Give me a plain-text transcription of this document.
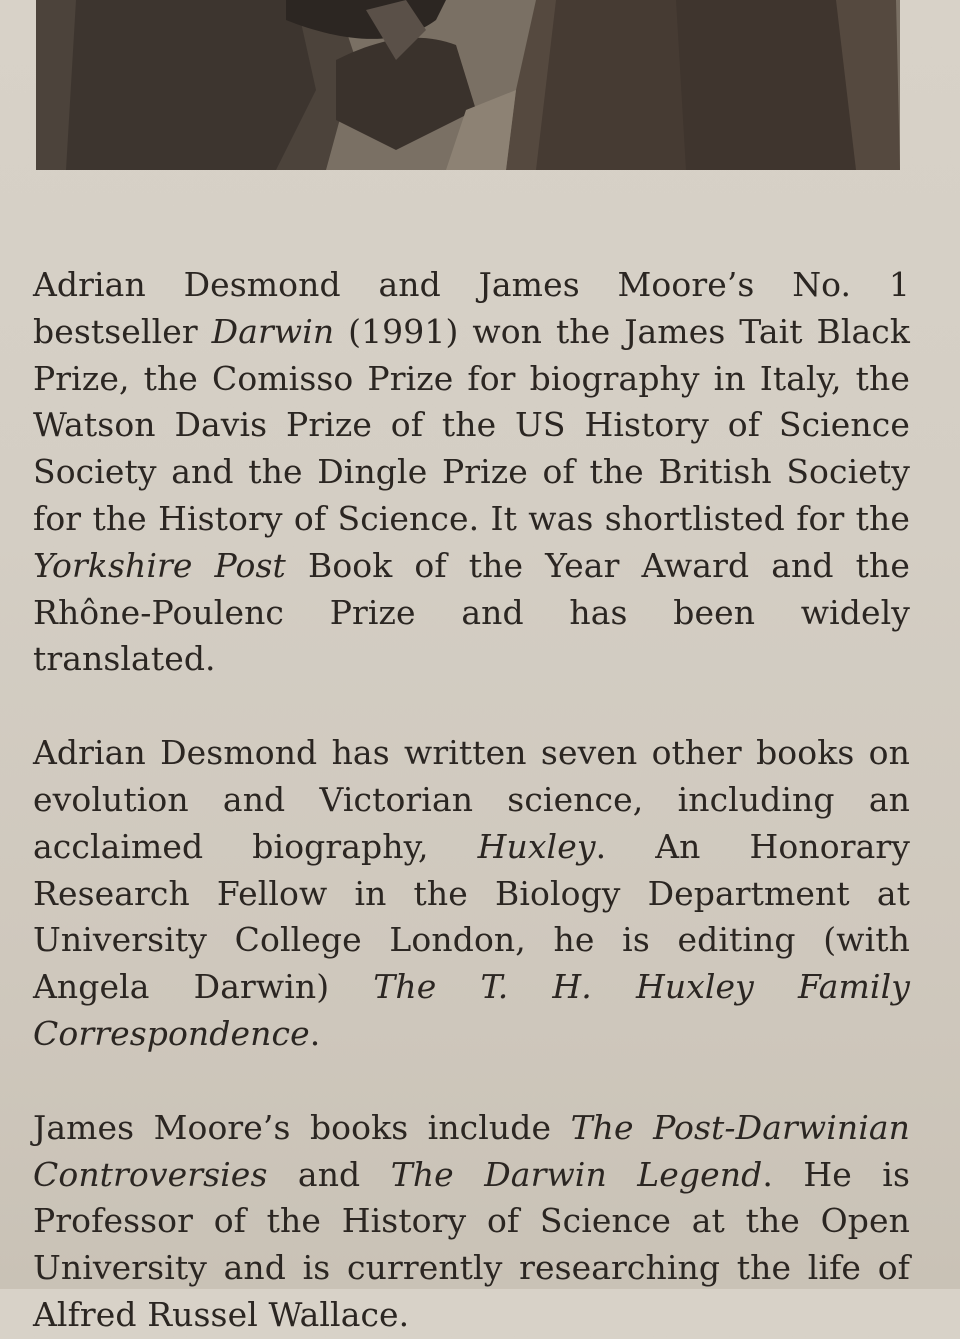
Adrian Desmond and James Moore’s No. 1 bestseller Darwin (1991) won the James Tait Black Prize, the Comisso Prize for biography in Italy, the Watson Davis Prize of the US History of Science Society and the Dingle Prize of the British Society for the History of Science. It was shortlisted for the Yorkshire Post Book of the Year Award and the Rhône-Poulenc Prize and has been widely translated.

Adrian Desmond has written seven other books on evolution and Victorian science, including an acclaimed biography, Huxley. An Honorary Research Fellow in the Biology Department at University College London, he is editing (with Angela Darwin) The T. H. Huxley Family Correspondence.

James Moore’s books include The Post-Darwinian Controversies and The Darwin Legend. He is Professor of the History of Science at the Open University and is currently researching the life of Alfred Russel Wallace.
